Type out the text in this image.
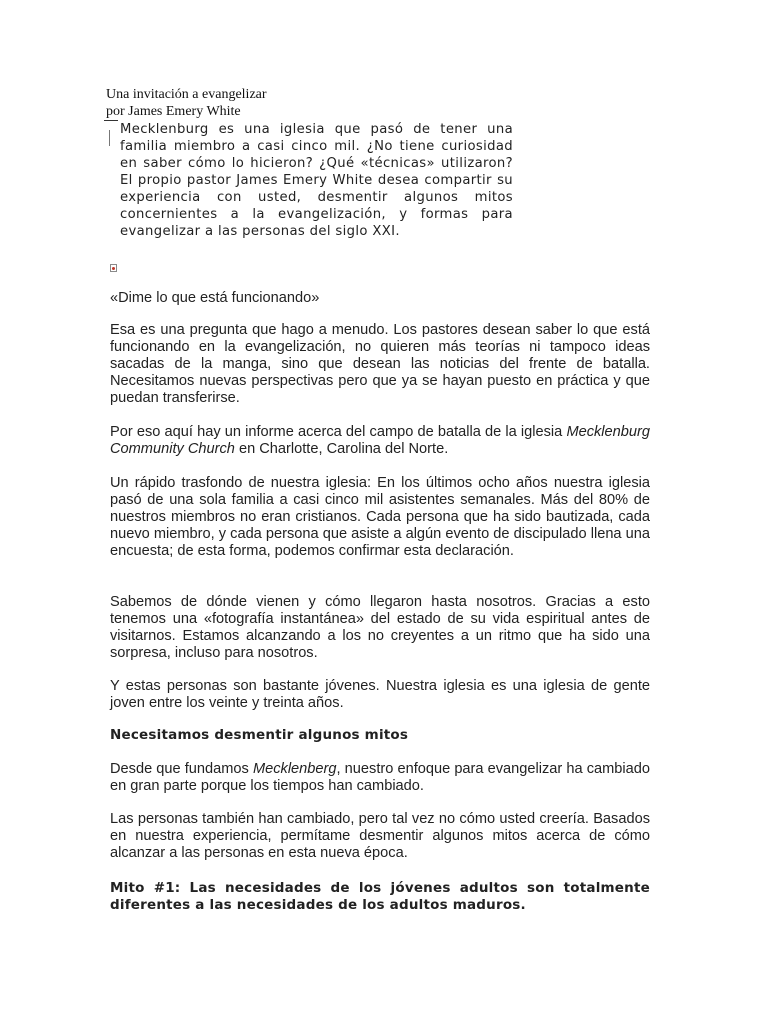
Una invitación a evangelizar
por James Emery White
Mecklenburg es una iglesia que pasó de tener una familia miembro a casi cinco mil. ¿No tiene curiosidad en saber cómo lo hicieron? ¿Qué «técnicas» utilizaron? El propio pastor James Emery White desea compartir su experiencia con usted, desmentir algunos mitos concernientes a la evangelización, y formas para evangelizar a las personas del siglo XXI.
«Dime lo que está funcionando»
Esa es una pregunta que hago a menudo. Los pastores desean saber lo que está funcionando en la evangelización, no quieren más teorías ni tampoco ideas sacadas de la manga, sino que desean las noticias del frente de batalla. Necesitamos nuevas perspectivas pero que ya se hayan puesto en práctica y que puedan transferirse.
Por eso aquí hay un informe acerca del campo de batalla de la iglesia Mecklenburg Community Church en Charlotte, Carolina del Norte.
Un rápido trasfondo de nuestra iglesia: En los últimos ocho años nuestra iglesia pasó de una sola familia a casi cinco mil asistentes semanales. Más del 80% de nuestros miembros no eran cristianos. Cada persona que ha sido bautizada, cada nuevo miembro, y cada persona que asiste a algún evento de discipulado llena una encuesta; de esta forma, podemos confirmar esta declaración.
Sabemos de dónde vienen y cómo llegaron hasta nosotros. Gracias a esto tenemos una «fotografía instantánea» del estado de su vida espiritual antes de visitarnos. Estamos alcanzando a los no creyentes a un ritmo que ha sido una sorpresa, incluso para nosotros.
Y estas personas son bastante jóvenes. Nuestra iglesia es una iglesia de gente joven entre los veinte y treinta años.
Necesitamos desmentir algunos mitos
Desde que fundamos Mecklenberg, nuestro enfoque para evangelizar ha cambiado en gran parte porque los tiempos han cambiado.
Las personas también han cambiado, pero tal vez no cómo usted creería. Basados en nuestra experiencia, permítame desmentir algunos mitos acerca de cómo alcanzar a las personas en esta nueva época.
Mito #1: Las necesidades de los jóvenes adultos son totalmente diferentes a las necesidades de los adultos maduros.
